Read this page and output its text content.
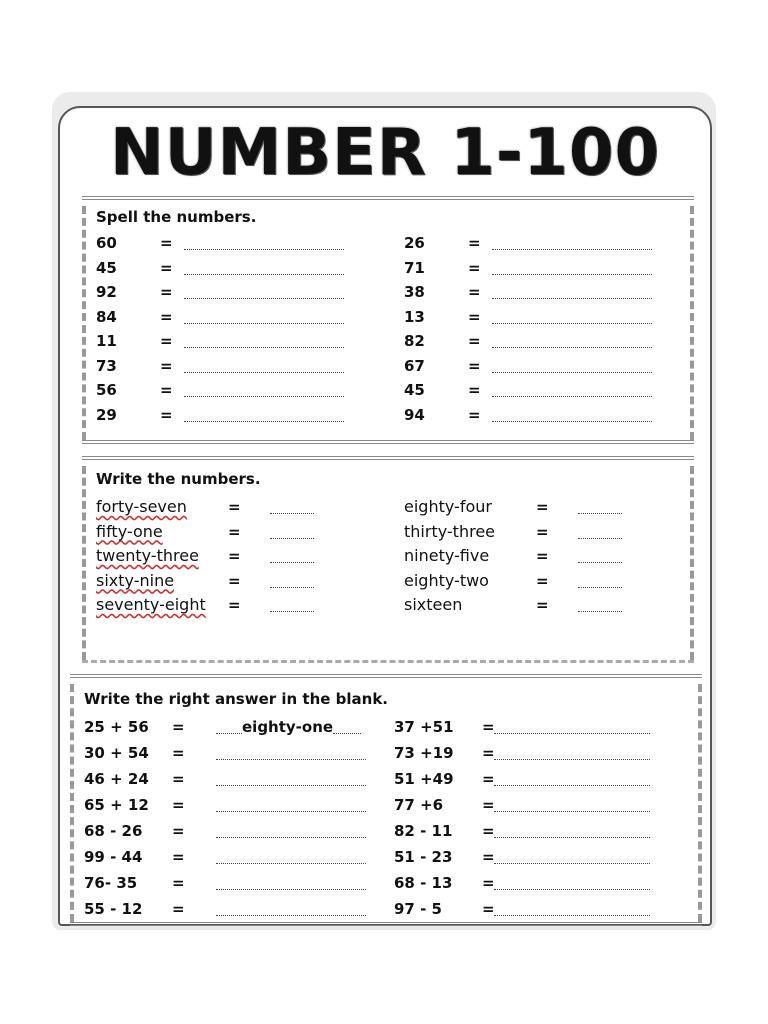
NUMBER 1-100
Spell the numbers.
60	=
45	=
92	=
84	=
11	=
73	=
56	=
29	=
26	=
71	=
38	=
13	=
82	=
67	=
45	=
94	=
Write the numbers.
forty-seven	=
fifty-one	=
twenty-three =
sixty-nine	=
seventy-eight =
eighty-four	=
thirty-three	=
ninety-five	=
eighty-two	=
sixteen	=
Write the right answer in the blank.
25 + 56 =	eighty-one
30 + 54 =
46 + 24 =
65 + 12 =
68 - 26 =
99 - 44 =
76- 35 =
55 - 12 =
37 +51 =
73 +19 =
51 +49 =
77 +6	=
82 - 11 =
51 - 23 =
68 - 13 =
97 - 5	=
